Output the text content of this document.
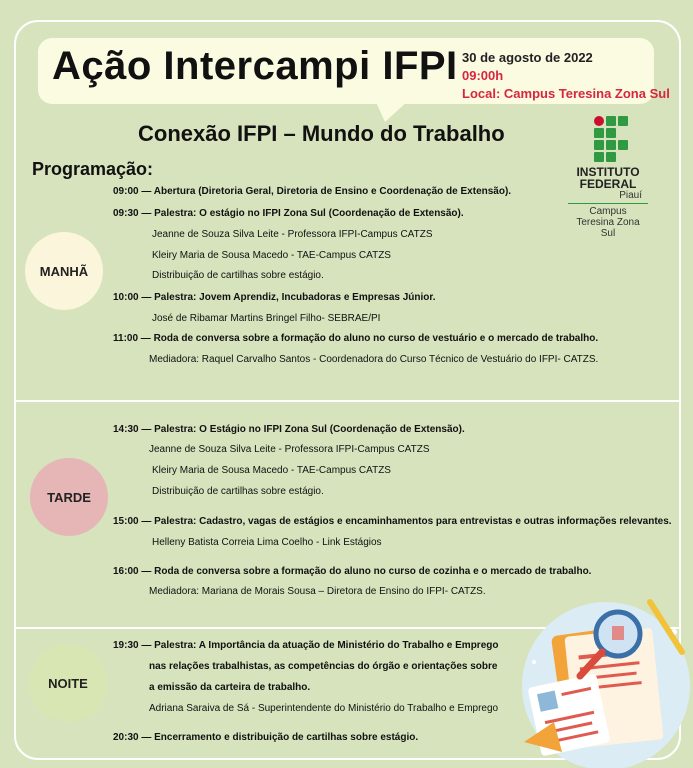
Ação Intercampi IFPI 30 de agosto de 2022
09:00h
Local: Campus Teresina Zona Sul
Conexão IFPI – Mundo do Trabalho
Programação:	INSTITUTO
FEDERAL
Piauí
Campus
Teresina Zona Sul
MANHÃ
TARDE
NOITE
09:00 — Abertura (Diretoria Geral, Diretoria de Ensino e Coordenação de Extensão).
09:30 — Palestra: O estágio no IFPI Zona Sul (Coordenação de Extensão).
Jeanne de Souza Silva Leite - Professora IFPI-Campus CATZS
Kleiry Maria de Sousa Macedo - TAE-Campus CATZS
Distribuição de cartilhas sobre estágio.
10:00 — Palestra: Jovem Aprendiz, Incubadoras e Empresas Júnior.
José de Ribamar Martins Bringel Filho- SEBRAE/PI
11:00 — Roda de conversa sobre a formação do aluno no curso de vestuário e o mercado de trabalho.
Mediadora: Raquel Carvalho Santos - Coordenadora do Curso Técnico de Vestuário do IFPI- CATZS.
14:30 — Palestra: O Estágio no IFPI Zona Sul (Coordenação de Extensão).
Jeanne de Souza Silva Leite - Professora IFPI-Campus CATZS
Kleiry Maria de Sousa Macedo - TAE-Campus CATZS
Distribuição de cartilhas sobre estágio.
15:00 — Palestra: Cadastro, vagas de estágios e encaminhamentos para entrevistas e outras informações relevantes.
Helleny Batista Correia Lima Coelho - Link Estágios
16:00 — Roda de conversa sobre a formação do aluno no curso de cozinha e o mercado de trabalho.
Mediadora: Mariana de Morais Sousa – Diretora de Ensino do IFPI- CATZS.
19:30 — Palestra: A Importância da atuação de Ministério do Trabalho e Emprego
nas relações trabalhistas, as competências do órgão e orientações sobre
a emissão da carteira de trabalho.
Adriana Saraiva de Sá - Superintendente do Ministério do Trabalho e Emprego
20:30 — Encerramento e distribuição de cartilhas sobre estágio.
